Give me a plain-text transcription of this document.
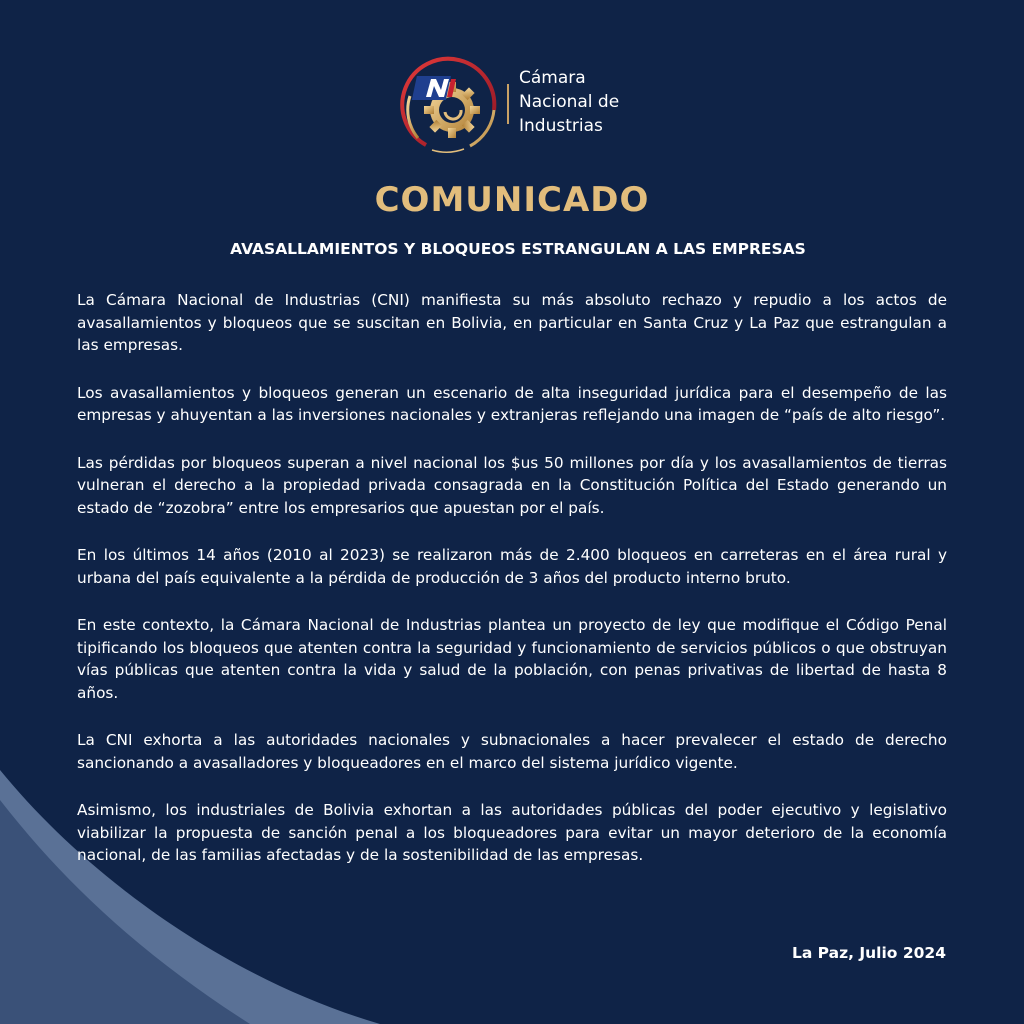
Cámara
Nacional de
Industrias
COMUNICADO
AVASALLAMIENTOS Y BLOQUEOS ESTRANGULAN A LAS EMPRESAS

La Cámara Nacional de Industrias (CNI) manifiesta su más absoluto rechazo y repudio a los actos de avasallamientos y bloqueos que se suscitan en Bolivia, en particular en Santa Cruz y La Paz que estrangulan a las empresas.

Los avasallamientos y bloqueos generan un escenario de alta inseguridad jurídica para el desempeño de las empresas y ahuyentan a las inversiones nacionales y extranjeras reflejando una imagen de “país de alto riesgo”.

Las pérdidas por bloqueos superan a nivel nacional los $us 50 millones por día y los avasallamientos de tierras vulneran el derecho a la propiedad privada consagrada en la Constitución Política del Estado generando un estado de “zozobra” entre los empresarios que apuestan por el país.

En los últimos 14 años (2010 al 2023) se realizaron más de 2.400 bloqueos en carreteras en el área rural y urbana del país equivalente a la pérdida de producción de 3 años del producto interno bruto.

En este contexto, la Cámara Nacional de Industrias plantea un proyecto de ley que modifique el Código Penal tipificando los bloqueos que atenten contra la seguridad y funcionamiento de servicios públicos o que obstruyan vías públicas que atenten contra la vida y salud de la población, con penas privativas de libertad de hasta 8 años.

La CNI exhorta a las autoridades nacionales y subnacionales a hacer prevalecer el estado de derecho sancionando a avasalladores y bloqueadores en el marco del sistema jurídico vigente.

Asimismo, los industriales de Bolivia exhortan a las autoridades públicas del poder ejecutivo y legislativo viabilizar la propuesta de sanción penal a los bloqueadores para evitar un mayor deterioro de la economía nacional, de las familias afectadas y de la sostenibilidad de las empresas.

La Paz, Julio 2024
